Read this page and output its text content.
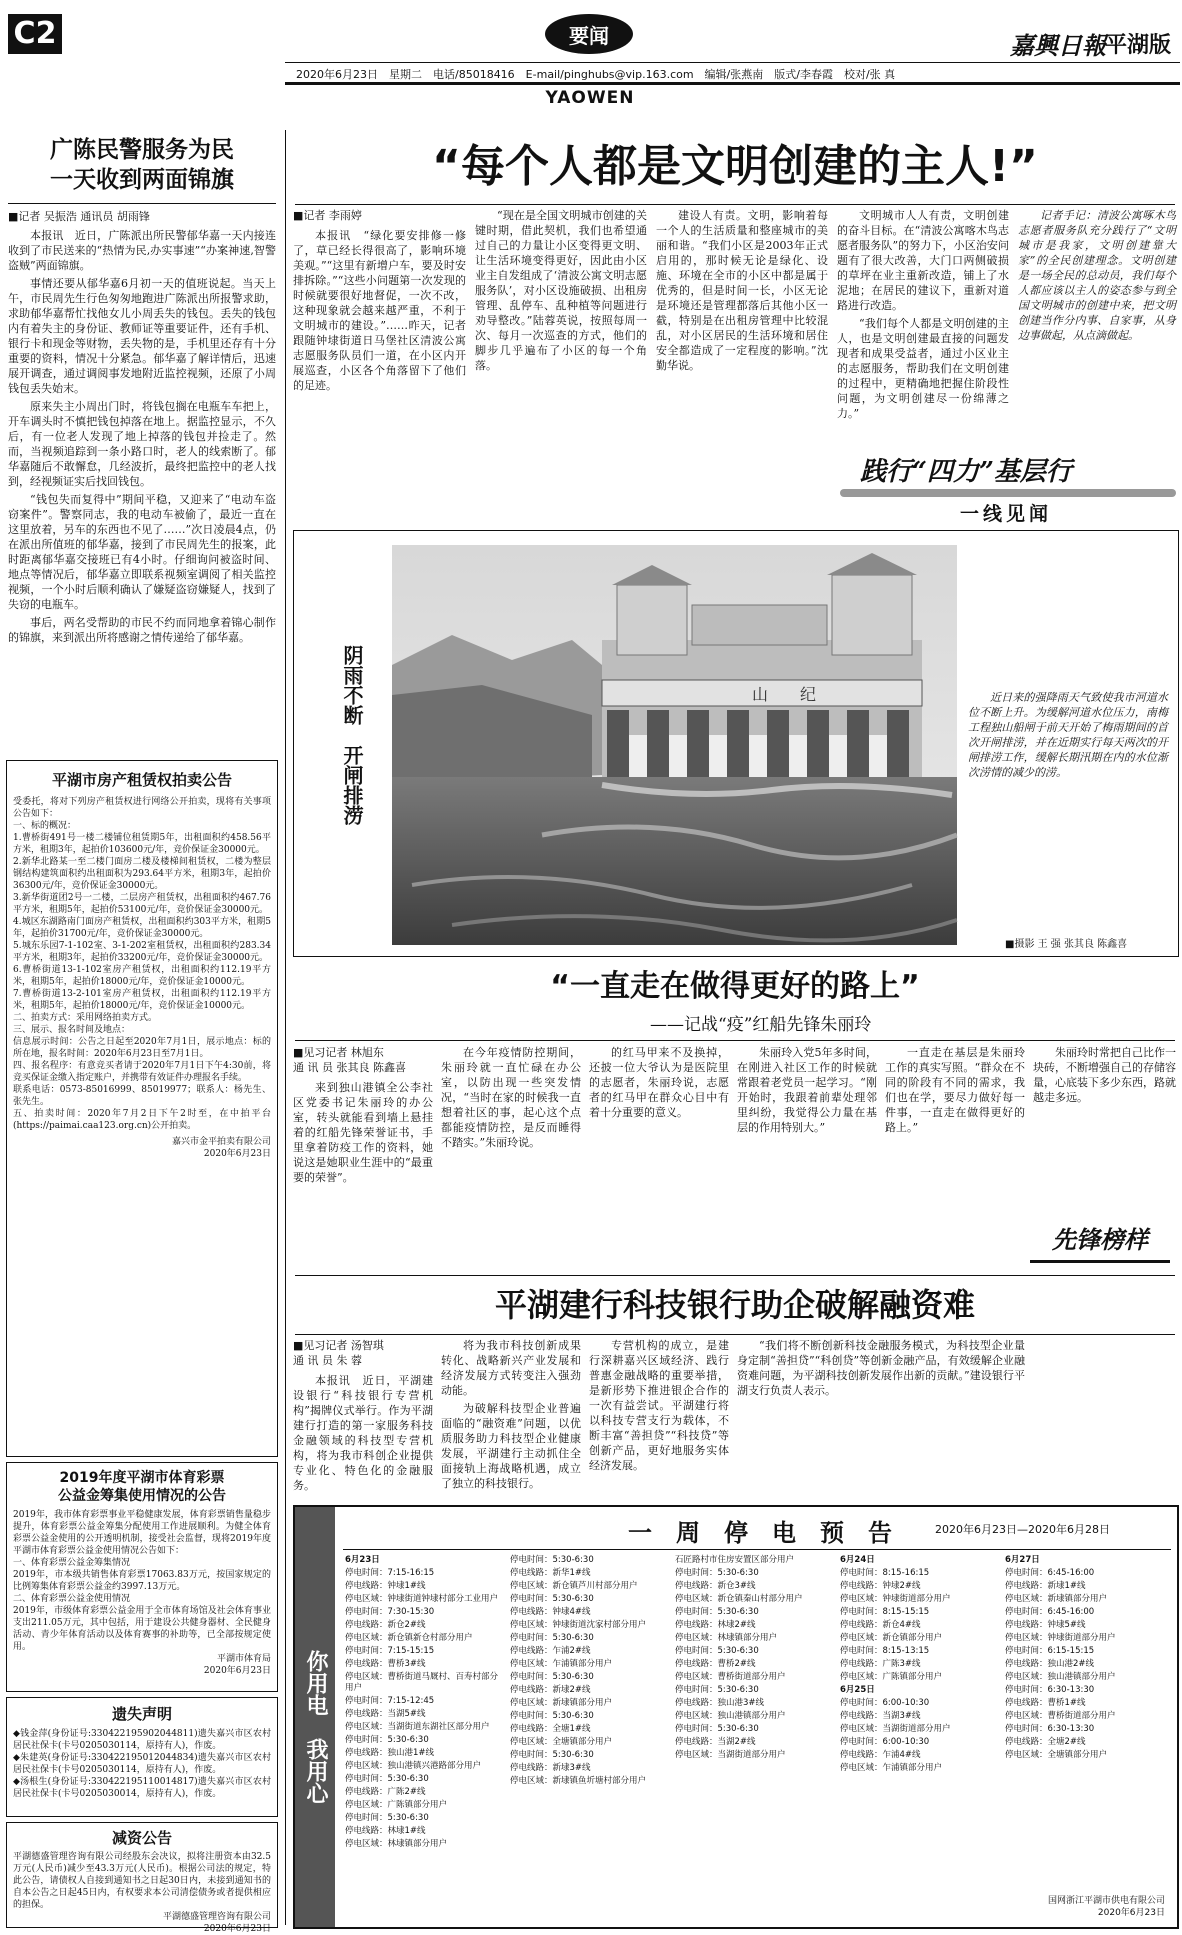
C2	要闻	嘉興日報 平湖版
2020年6月23日　星期二　电话/85018416　E-mail/pinghubs@vip.163.com　编辑/张燕南　版式/李春霞　校对/张 真
YAOWEN
广陈民警服务为民
一天收到两面锦旗
■记者 吴振浩 通讯员 胡雨锋

本报讯　近日，广陈派出所民警郁华嘉一天内接连收到了市民送来的“热情为民,办实事速”“办案神速,智警盗贼”两面锦旗。

事情还要从郁华嘉6月初一天的值班说起。当天上午，市民周先生行色匆匆地跑进广陈派出所报警求助，求助郁华嘉帮忙找他女儿小周丢失的钱包。丢失的钱包内有着失主的身份证、教师证等重要证件，还有手机、银行卡和现金等财物，丢失物的是，手机里还存有十分重要的资料，情况十分紧急。郁华嘉了解详情后，迅速展开调查，通过调阅事发地附近监控视频，还原了小周钱包丢失始末。

原来失主小周出门时，将钱包搁在电瓶车车把上，开车调头时不慎把钱包掉落在地上。据监控显示，不久后，有一位老人发现了地上掉落的钱包并捡走了。然而，当视频追踪到一条小路口时，老人的线索断了。郁华嘉随后不敢懈怠，几经波折，最终把监控中的老人找到，经视频证实后找回钱包。

“钱包失而复得中”期间平稳，又迎来了“电动车盗窃案件”。警察同志，我的电动车被偷了，最近一直在这里放着，另车的东西也不见了……”次日凌晨4点，仍在派出所值班的郁华嘉，接到了市民周先生的报案，此时距离郁华嘉交接班已有4小时。仔细询问被盗时间、地点等情况后，郁华嘉立即联系视频室调阅了相关监控视频，一个小时后顺利确认了嫌疑盗窃嫌疑人，找到了失窃的电瓶车。

事后，两名受帮助的市民不约而同地拿着锦心制作的锦旗，来到派出所将感谢之情传递给了郁华嘉。

平湖市房产租赁权拍卖公告
受委托，将对下列房产租赁权进行网络公开拍卖，现将有关事项公告如下：
一、标的概况：
1.曹桥街491号一楼二楼铺位租赁期5年，出租面积约458.56平方米，租期3年，起拍价103600元/年，竞价保证金30000元。
2.新华北路某一至二楼门面房二楼及楼梯间租赁权，二楼为整层钢结构建筑面积约出租面积为293.64平方米，租期3年，起拍价36300元/年，竞价保证金30000元。
3.新华街道团2号一二楼，二层房产租赁权，出租面积约467.76平方米，租期5年，起拍价53100元/年，竞价保证金30000元。
4.城区东湖路南门面房产租赁权，出租面积约303平方米，租期5年，起拍价31700元/年，竞价保证金30000元。
5.城东乐园7-1-102室、3-1-202室租赁权，出租面积约283.34平方米，租期3年，起拍价33200元/年，竞价保证金30000元。
6.曹桥街道13-1-102室房产租赁权，出租面积约112.19平方米，租期5年，起拍价18000元/年，竞价保证金10000元。
7.曹桥街道13-2-101室房产租赁权，出租面积约112.19平方米，租期5年，起拍价18000元/年，竞价保证金10000元。
二、拍卖方式：采用网络拍卖方式。
三、展示、报名时间及地点：
信息展示时间：公告之日起至2020年7月1日，展示地点：标的所在地，报名时间：2020年6月23日至7月1日。
四、报名程序：有意竞买者请于2020年7月1日下午4:30前，将竞买保证金缴入指定账户，并携带有效证件办理报名手续。
联系电话：0573-85016999、85019977；联系人：杨先生、张先生。
五、拍卖时间：2020年7月2日下午2时至，在中拍平台(https://paimai.caa123.org.cn)公开拍卖。
嘉兴市金平拍卖有限公司
2020年6月23日
2019年度平湖市体育彩票
公益金筹集使用情况的公告
2019年，我市体育彩票事业平稳健康发展，体育彩票销售量稳步提升，体育彩票公益金筹集分配使用工作进展顺利。为健全体育彩票公益金使用的公开透明机制，接受社会监督，现将2019年度平湖市体育彩票公益金使用情况公告如下：
一、体育彩票公益金筹集情况
2019年，市本级共销售体育彩票17063.83万元，按国家规定的比例筹集体育彩票公益金约3997.13万元。
二、体育彩票公益金使用情况
2019年，市级体育彩票公益金用于全市体育场馆及社会体育事业支出211.05万元，其中包括，用于建设公共健身器材、全民健身活动、青少年体育活动以及体育赛事的补助等，已全部按规定使用。
平湖市体育局
2020年6月23日
遗失声明
◆钱金萍(身份证号:330422195902044811)遗失嘉兴市区农村居民社保卡(卡号0205030114，原持有人)，作废。
◆朱建英(身份证号:330422195012044834)遗失嘉兴市区农村居民社保卡(卡号0205030114，原持有人)，作废。
◆汤根生(身份证号:330422195110014817)遗失嘉兴市区农村居民社保卡(卡号0205030014，原持有人)，作废。
减资公告
平湖德盛管理咨询有限公司经股东会决议，拟将注册资本由32.5万元(人民币)减少至43.3万元(人民币)。根据公司法的规定，特此公告，请债权人自接到通知书之日起30日内，未接到通知书的自本公告之日起45日内，有权要求本公司清偿债务或者提供相应的担保。
平湖德盛管理咨询有限公司
2020年6月23日
“每个人都是文明创建的主人!”

■记者 李雨婷

本报讯　“绿化要安排修一修了，草已经长得很高了，影响环境美观。”“这里有新增户车，要及时安排拆除。”“这些小问题第一次发现的时候就要很好地督促，一次不改，这种现象就会越来越严重，不利于文明城市的建设。”……昨天，记者跟随钟埭街道日马堡社区清波公寓志愿服务队员们一道，在小区内开展巡查，小区各个角落留下了他们的足迹。

“现在是全国文明城市创建的关键时期，借此契机，我们也希望通过自己的力量让小区变得更文明、让生活环境变得更好，因此由小区业主自发组成了‘清波公寓文明志愿服务队’，对小区设施破损、出租房管理、乱停车、乱种植等问题进行劝导整改。”陆蓉英说，按照每周一次、每月一次巡查的方式，他们的脚步几乎遍布了小区的每一个角落。

建设人有责。文明，影响着每一个人的生活质量和整座城市的美丽和谐。“我们小区是2003年正式启用的，那时候无论是绿化、设施、环境在全市的小区中都是属于优秀的，但是时间一长，小区无论是环境还是管理都落后其他小区一截，特别是在出租房管理中比较混乱，对小区居民的生活环境和居住安全都造成了一定程度的影响。”沈勤华说。

文明城市人人有责，文明创建的奋斗目标。在“清波公寓喀木鸟志愿者服务队”的努力下，小区治安问题有了很大改善，大门口两侧破损的草坪在业主重新改造，铺上了水泥地；在居民的建议下，重新对道路进行改造。

“我们每个人都是文明创建的主人，也是文明创建最直接的问题发现者和成果受益者，通过小区业主的志愿服务，帮助我们在文明创建的过程中，更精确地把握住阶段性问题，为文明创建尽一份绵薄之力。”

记者手记：清波公寓啄木鸟志愿者服务队充分践行了“文明城市是我家，文明创建靠大家”的全民创建理念。文明创建是一场全民的总动员，我们每个人都应该以主人的姿态参与到全国文明城市的创建中来，把文明创建当作分内事、自家事，从身边事做起，从点滴做起。

践行“四力”基层行
一线见闻
阴雨不断　开闸排涝	山　　纪	近日来的强降雨天气致使我市河道水位不断上升。为缓解河道水位压力，南梅工程独山船闸于前天开始了梅雨期间的首次开闸排涝，并在近期实行每天两次的开闸排涝工作，缓解长期汛期在内的水位渐次涝情的减少的涝。

■摄影 王 强 张其良 陈鑫喜
“一直走在做得更好的路上”
——记战“疫”红船先锋朱丽玲

■见习记者 林旭东
通 讯 员 张其良 陈鑫喜

来到独山港镇全公李社区党委书记朱丽玲的办公室，转头就能看到墙上悬挂着的红船先锋荣誉证书，手里拿着防疫工作的资料，她说这是她职业生涯中的“最重要的荣誉”。

在今年疫情防控期间，朱丽玲就一直忙碌在办公室，以防出现一些突发情况，“当时在家的时候我一直想着社区的事，起心这个点都能疫情防控，是反而睡得不踏实。”朱丽玲说。

的红马甲来不及换掉，还披一位大爷认为是医院里的志愿者，朱丽玲说，志愿者的红马甲在群众心目中有着十分重要的意义。

朱丽玲入党5年多时间，在刚进入社区工作的时候就常跟着老党员一起学习。“刚开始时，我跟着前辈处理邻里纠纷，我觉得公力量在基层的作用特别大。”

一直走在基层是朱丽玲工作的真实写照。“群众在不同的阶段有不同的需求，我们也在学，要尽力做好每一件事，一直走在做得更好的路上。”

朱丽玲时常把自己比作一块砖，不断增强自己的存储容量，心底装下多少东西，路就越走多远。

先锋榜样
平湖建行科技银行助企破解融资难

■见习记者 汤智琪
通 讯 员 朱 蓉

本报讯　近日，平湖建设银行“科技银行专营机构”揭牌仪式举行。作为平湖建行打造的第一家服务科技金融领域的科技型专营机构，将为我市科创企业提供专业化、特色化的金融服务。

将为我市科技创新成果转化、战略新兴产业发展和经济发展方式转变注入强劲动能。

为破解科技型企业普遍面临的“融资难”问题，以优质服务助力科技型企业健康发展，平湖建行主动抓住全面接轨上海战略机遇，成立了独立的科技银行。

专营机构的成立，是建行深耕嘉兴区域经济、践行普惠金融战略的重要举措，是新形势下推进银企合作的一次有益尝试。平湖建行将以科技专营支行为载体，不断丰富“善担贷”“科技贷”等创新产品，更好地服务实体经济发展。

“我们将不断创新科技金融服务模式，为科技型企业量身定制“善担贷”“科创贷”等创新金融产品，有效缓解企业融资难问题，为平湖科技创新发展作出新的贡献。”建设银行平湖支行负责人表示。

你用电　我用心
一　周　停　电　预　告	2020年6月23日—2020年6月28日
6月23日
停电时间：7:15-16:15
停电线路：钟埭1#线
停电区域：钟埭街道钟埭村部分工业用户
停电时间：7:30-15:30
停电线路：新仓2#线
停电区域：新仓镇新仓村部分用户
停电时间：7:15-15:15
停电线路：曹桥3#线
停电区域：曹桥街道马厩村、百寿村部分用户
停电时间：7:15-12:45
停电线路：当湖5#线
停电区域：当湖街道东湖社区部分用户
停电时间：5:30-6:30
停电线路：独山港1#线
停电区域：独山港镇兴港路部分用户
停电时间：5:30-6:30
停电线路：广陈2#线
停电区域：广陈镇部分用户
停电时间：5:30-6:30
停电线路：林埭1#线
停电区域：林埭镇部分用户
停电时间：5:30-6:30
停电线路：新华1#线
停电区域：新仓镇芦川村部分用户
停电时间：5:30-6:30
停电线路：钟埭4#线
停电区域：钟埭街道沈家村部分用户
停电时间：5:30-6:30
停电线路：乍浦2#线
停电区域：乍浦镇部分用户
停电时间：5:30-6:30
停电线路：新埭2#线
停电区域：新埭镇部分用户
停电时间：5:30-6:30
停电线路：全塘1#线
停电区域：全塘镇部分用户
停电时间：5:30-6:30
停电线路：新埭3#线
停电区域：新埭镇鱼圻塘村部分用户
石匠路村市住房安置区部分用户
停电时间：5:30-6:30
停电线路：新仓3#线
停电区域：新仓镇秦山村部分用户
停电时间：5:30-6:30
停电线路：林埭2#线
停电区域：林埭镇部分用户
停电时间：5:30-6:30
停电线路：曹桥2#线
停电区域：曹桥街道部分用户
停电时间：5:30-6:30
停电线路：独山港3#线
停电区域：独山港镇部分用户
停电时间：5:30-6:30
停电线路：当湖2#线
停电区域：当湖街道部分用户
6月24日
停电时间：8:15-16:15
停电线路：钟埭2#线
停电区域：钟埭街道部分用户
停电时间：8:15-15:15
停电线路：新仓4#线
停电区域：新仓镇部分用户
停电时间：8:15-13:15
停电线路：广陈3#线
停电区域：广陈镇部分用户
6月25日
停电时间：6:00-10:30
停电线路：当湖3#线
停电区域：当湖街道部分用户
停电时间：6:00-10:30
停电线路：乍浦4#线
停电区域：乍浦镇部分用户
6月27日
停电时间：6:45-16:00
停电线路：新埭1#线
停电区域：新埭镇部分用户
停电时间：6:45-16:00
停电线路：钟埭5#线
停电区域：钟埭街道部分用户
停电时间：6:15-15:15
停电线路：独山港2#线
停电区域：独山港镇部分用户
停电时间：6:30-13:30
停电线路：曹桥1#线
停电区域：曹桥街道部分用户
停电时间：6:30-13:30
停电线路：全塘2#线
停电区域：全塘镇部分用户
国网浙江平湖市供电有限公司
2020年6月23日
